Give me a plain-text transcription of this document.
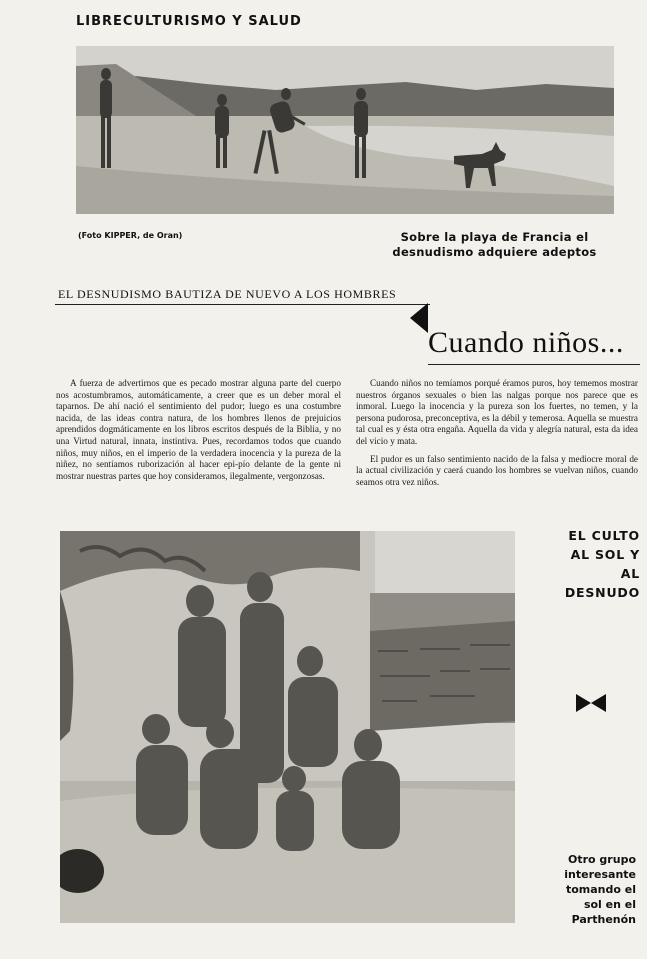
LIBRECULTURISMO Y SALUD
(Foto KIPPER, de Oran)	Sobre la playa de Francia el
desnudismo adquiere adeptos
EL DESNUDISMO BAUTIZA DE NUEVO A LOS HOMBRES
Cuando niños...

A fuerza de advertirnos que es pecado mostrar alguna parte del cuerpo nos acostumbramos, automáticamente, a creer que es un deber moral el taparnos. De ahí nació el sentimiento del pudor; luego es una costumbre nacida, de las ideas contra natura, de los hombres llenos de prejuicios aprendidos dogmáticamente en los libros escritos después de la Biblia, y no una Virtud natural, innata, instintiva. Pues, recordamos todos que cuando niños, muy niños, en el imperio de la verdadera inocencia y la pureza de la niñez, no sentíamos ruborización al hacer epi-pío delante de la gente ni mostrar nuestras partes que hoy consideramos, ilegalmente, vergonzosas.

Cuando niños no temíamos porqué éramos puros, hoy tememos mostrar nuestros órganos sexuales o bien las nalgas porque nos parece que es inmoral. Luego la inocencia y la pureza son los fuertes, no temen, y la persona pudorosa, preconceptiva, es la débil y temerosa. Aquella se muestra tal cual es y ésta otra engaña. Aquella da vida y alegría natural, esta da idea del vicio y mata.

El pudor es un falso sentimiento nacido de la falsa y mediocre moral de la actual civilización y caerá cuando los hombres se vuelvan niños, cuando seamos otra vez niños.

EL CULTO
AL SOL Y
AL
DESNUDO
Otro grupo
interesante
tomando el
sol en el
Parthenón
